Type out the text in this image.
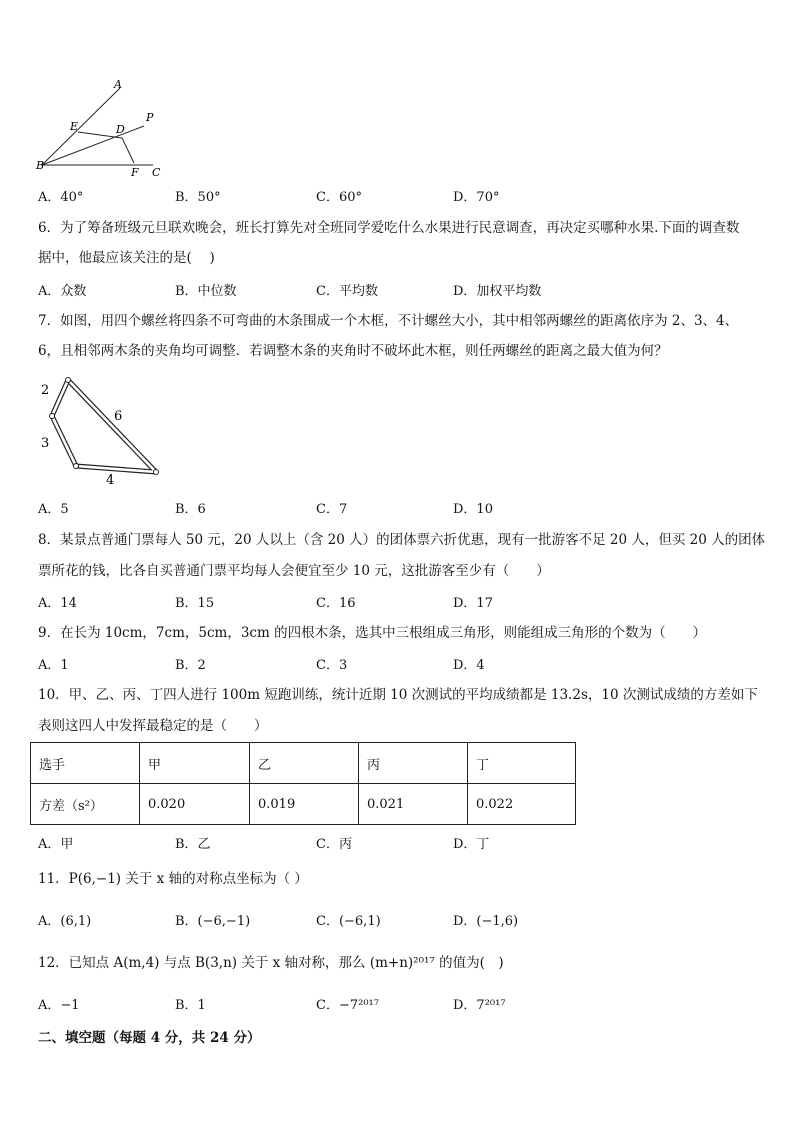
A
P
E	D
B
F C
A．40°	B．50°	C．60°	D．70°
6．为了筹备班级元旦联欢晚会，班长打算先对全班同学爱吃什么水果进行民意调查，再决定买哪种水果.下面的调查数
据中，他最应该关注的是(　 )
A．众数	B．中位数	C．平均数	D．加权平均数
7．如图，用四个螺丝将四条不可弯曲的木条围成一个木框，不计螺丝大小，其中相邻两螺丝的距离依序为 2、3、4、
6，且相邻两木条的夹角均可调整．若调整木条的夹角时不破坏此木框，则任两螺丝的距离之最大值为何？
2
3
6
4
A．5	B．6	C．7	D．10
8．某景点普通门票每人 50 元，20 人以上（含 20 人）的团体票六折优惠，现有一批游客不足 20 人，但买 20 人的团体
票所花的钱，比各自买普通门票平均每人会便宜至少 10 元，这批游客至少有（　　）
A．14	B．15	C．16	D．17
9．在长为 10cm，7cm，5cm，3cm 的四根木条，选其中三根组成三角形，则能组成三角形的个数为（　　）
A．1	B．2	C．3	D．4
10．甲、乙、丙、丁四人进行 100m 短跑训练，统计近期 10 次测试的平均成绩都是 13.2s，10 次测试成绩的方差如下
表则这四人中发挥最稳定的是（　　）
选手	甲	乙	丙	丁
方差（s²）	0.020	0.019	0.021	0.022
A．甲	B．乙	C．丙	D．丁
11．P(6,−1) 关于 x 轴的对称点坐标为（ ）
A．(6,1)	B．(−6,−1)	C．(−6,1)	D．(−1,6)
12．已知点 A(m,4) 与点 B(3,n) 关于 x 轴对称，那么 (m+n)²⁰¹⁷ 的值为(　)
A．−1	B．1	C．−7²⁰¹⁷	D．7²⁰¹⁷
二、填空题（每题 4 分，共 24 分）
